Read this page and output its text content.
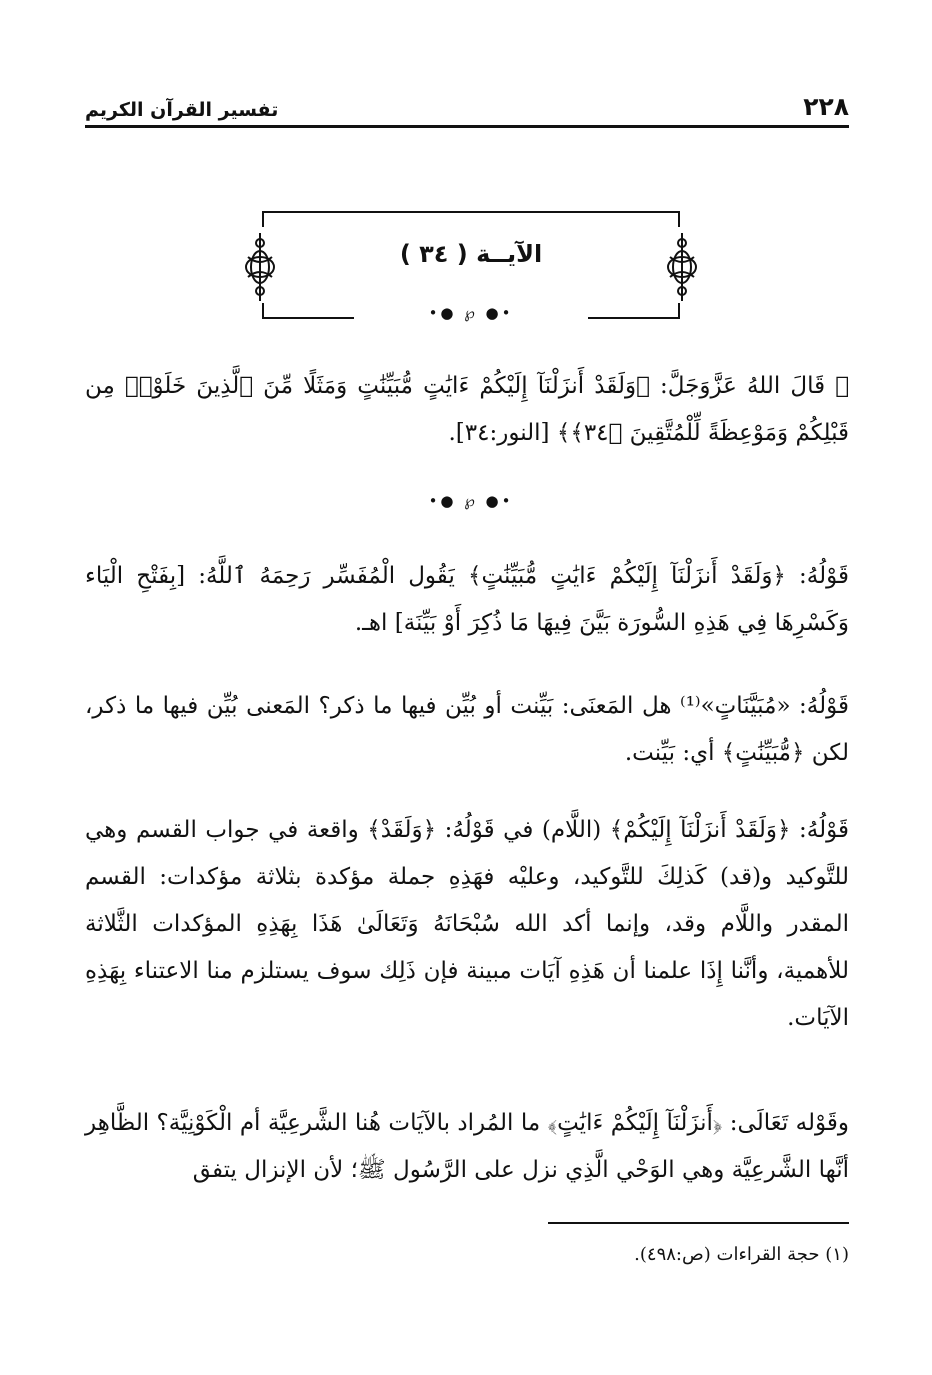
٢٢٨
تفسير القرآن الكريم
الآيــة ( ٣٤ )
•● ℘ ●•

۞ قَالَ اللهُ عَزَّوَجَلَّ: ﴿وَلَقَدْ أَنزَلْنَآ إِلَيْكُمْ ءَايَٰتٍ مُّبَيِّنَٰتٍ وَمَثَلًا مِّنَ ٱلَّذِينَ خَلَوْا۟ مِن قَبْلِكُمْ وَمَوْعِظَةً لِّلْمُتَّقِينَ ﴿٣٤﴾﴾ [النور:٣٤].

•● ℘ ●•

قَوْلُهُ: ﴿وَلَقَدْ أَنزَلْنَآ إِلَيْكُمْ ءَايَٰتٍ مُّبَيِّنَٰتٍ﴾ يَقُول الْمُفَسِّر رَحِمَهُ ٱللَّهُ: [بِفَتْحِ الْيَاء وَكَسْرِهَا فِي هَذِهِ السُّورَة بَيَّنَ فِيهَا مَا ذُكِرَ أَوْ بَيِّنَة] اهـ.

قَوْلُهُ: «مُبَيَّنَاتٍ»⁽¹⁾ هل المَعنَى: بَيِّنت أو بُيِّن فيها ما ذكر؟ المَعنى بُيِّن فيها ما ذكر، لكن ﴿مُّبَيِّنَٰتٍ﴾ أي: بَيِّنت.

قَوْلُهُ: ﴿وَلَقَدْ أَنزَلْنَآ إِلَيْكُمْ﴾ (اللَّام) في قَوْلُهُ: ﴿وَلَقَدْ﴾ واقعة في جواب القسم وهي للتَّوكيد و(قد) كَذلِكَ للتَّوكيد، وعليْه فهَذِهِ جملة مؤكدة بثلاثة مؤكدات: القسم المقدر واللَّام وقد، وإنما أكد الله سُبْحَانَهُ وَتَعَالَىٰ هَذَا بِهَذِهِ المؤكدات الثَّلاثة للأهمية، وأنَّنا إِذَا علمنا أن هَذِهِ آيَات مبينة فإن ذَلِك سوف يستلزم منا الاعتناء بِهَذِهِ الآيَات.

وقَوْله تَعَالَى: ﴿أَنزَلْنَآ إِلَيْكُمْ ءَايَٰتٍ﴾ ما المُراد بالآيَات هُنا الشَّرعِيَّة أم الْكَوْنِيَّة؟ الظَّاهِر أنَّها الشَّرعِيَّة وهي الوَحْي الَّذِي نزل على الرَّسُول ﷺ؛ لأن الإنزال يتفق

(١) حجة القراءات (ص:٤٩٨).
